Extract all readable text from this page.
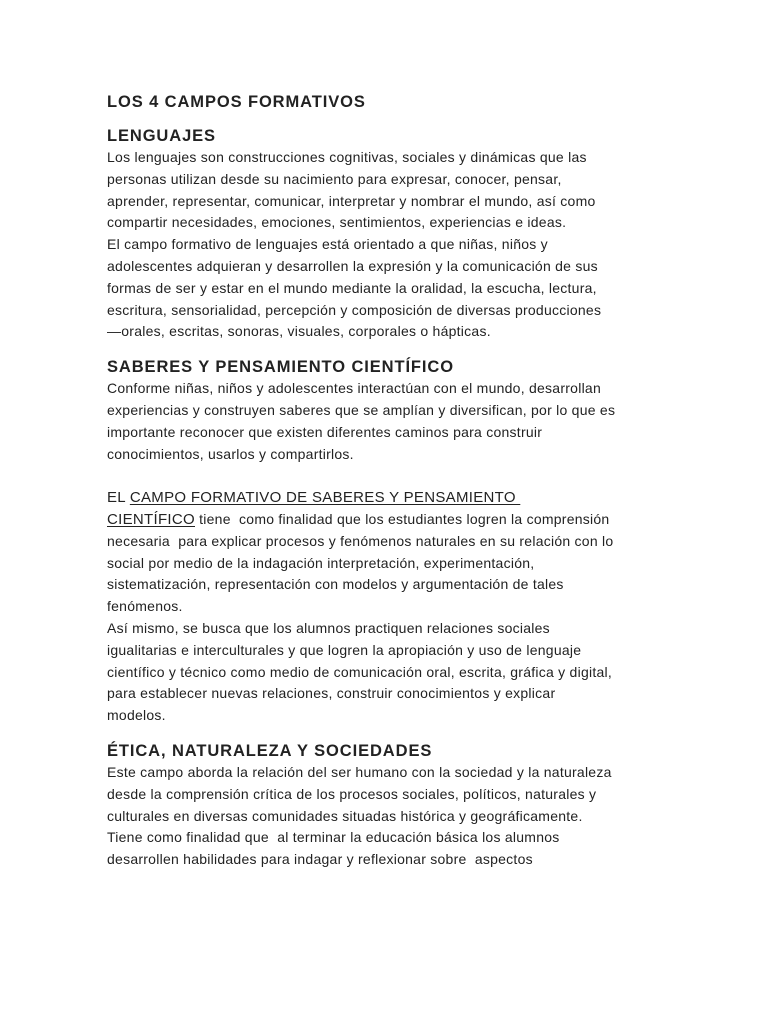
LOS 4 CAMPOS FORMATIVOS
LENGUAJES
Los lenguajes son construcciones cognitivas, sociales y dinámicas que las
personas utilizan desde su nacimiento para expresar, conocer, pensar,
aprender, representar, comunicar, interpretar y nombrar el mundo, así como
compartir necesidades, emociones, sentimientos, experiencias e ideas.
El campo formativo de lenguajes está orientado a que niñas, niños y
adolescentes adquieran y desarrollen la expresión y la comunicación de sus
formas de ser y estar en el mundo mediante la oralidad, la escucha, lectura,
escritura, sensorialidad, percepción y composición de diversas producciones
—orales, escritas, sonoras, visuales, corporales o hápticas.
SABERES Y PENSAMIENTO CIENTÍFICO
Conforme niñas, niños y adolescentes interactúan con el mundo, desarrollan
experiencias y construyen saberes que se amplían y diversifican, por lo que es
importante reconocer que existen diferentes caminos para construir
conocimientos, usarlos y compartirlos.
EL CAMPO FORMATIVO DE SABERES Y PENSAMIENTO
CIENTÍFICO tiene  como finalidad que los estudiantes logren la comprensión
necesaria  para explicar procesos y fenómenos naturales en su relación con lo
social por medio de la indagación interpretación, experimentación,
sistematización, representación con modelos y argumentación de tales
fenómenos.
Así mismo, se busca que los alumnos practiquen relaciones sociales
igualitarias e interculturales y que logren la apropiación y uso de lenguaje
científico y técnico como medio de comunicación oral, escrita, gráfica y digital,
para establecer nuevas relaciones, construir conocimientos y explicar
modelos.
ÉTICA, NATURALEZA Y SOCIEDADES
Este campo aborda la relación del ser humano con la sociedad y la naturaleza
desde la comprensión crítica de los procesos sociales, políticos, naturales y
culturales en diversas comunidades situadas histórica y geográficamente.
Tiene como finalidad que  al terminar la educación básica los alumnos
desarrollen habilidades para indagar y reflexionar sobre  aspectos
